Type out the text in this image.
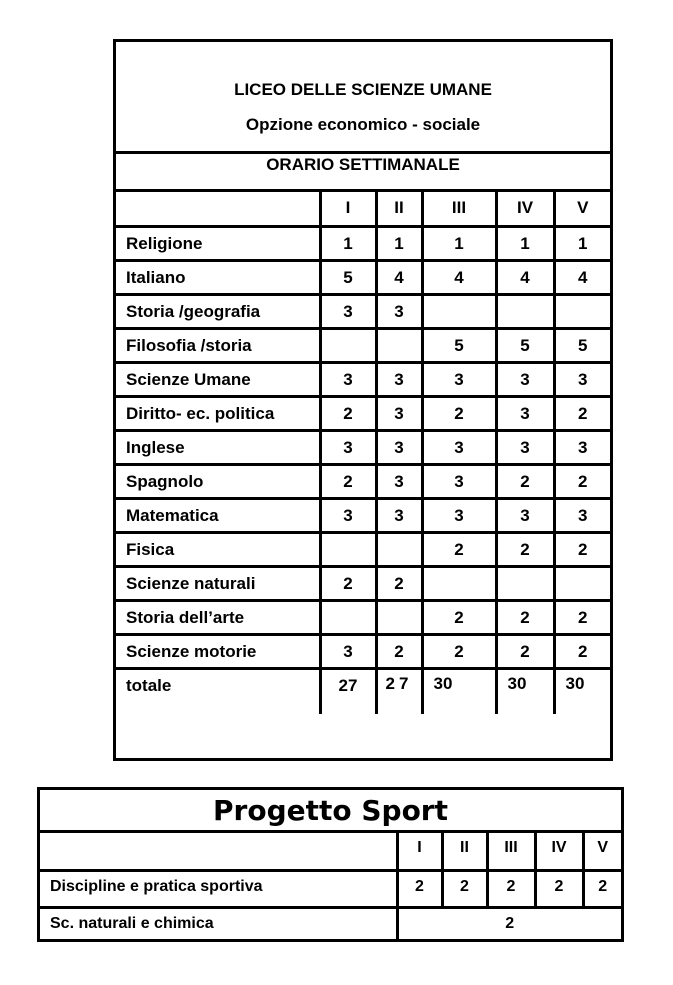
LICEO DELLE SCIENZE UMANE
Opzione economico - sociale
ORARIO SETTIMANALE
	I	II	III	IV	V
Religione	1	1	1	1	1
Italiano	5	4	4	4	4
Storia /geografia	3	3			
Filosofia /storia			5	5	5
Scienze Umane	3	3	3	3	3
Diritto- ec. politica	2	3	2	3	2
Inglese	3	3	3	3	3
Spagnolo	2	3	3	2	2
Matematica	3	3	3	3	3
Fisica			2	2	2
Scienze naturali	2	2			
Storia dell’arte			2	2	2
Scienze motorie	3	2	2	2	2
totale	27	27	30	30	30
Progetto Sport
	I	II	III	IV	V
Discipline e pratica sportiva	2	2	2	2	2
Sc. naturali e chimica	2				
